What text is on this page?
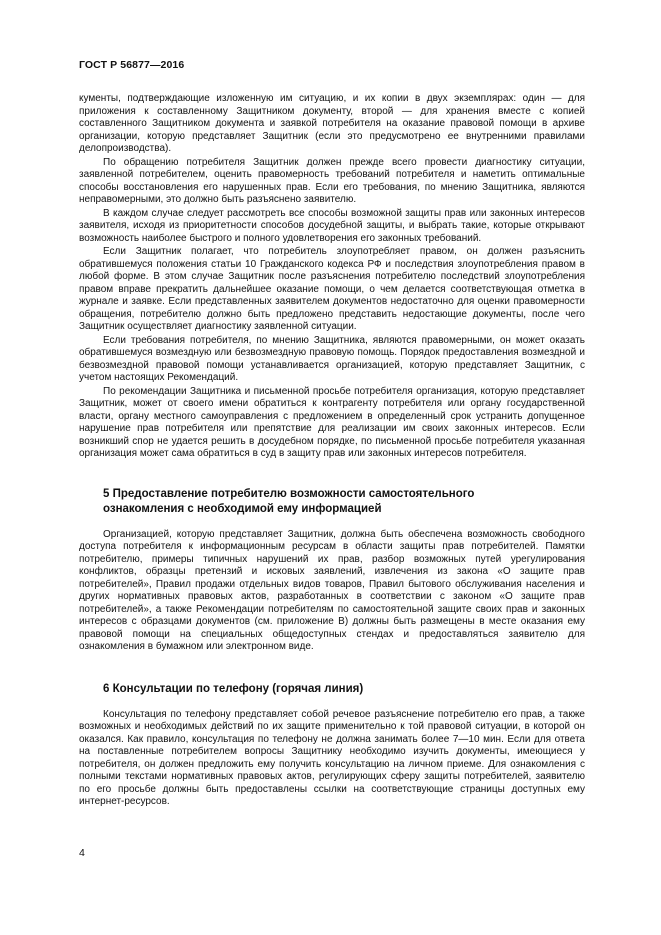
ГОСТ Р 56877—2016

кументы, подтверждающие изложенную им ситуацию, и их копии в двух экземплярах: один — для приложения к составленному Защитником документу, второй — для хранения вместе с копией составленного Защитником документа и заявкой потребителя на оказание правовой помощи в архиве организации, которую представляет Защитник (если это предусмотрено ее внутренними правилами делопроизводства).

По обращению потребителя Защитник должен прежде всего провести диагностику ситуации, заявленной потребителем, оценить правомерность требований потребителя и наметить оптимальные способы восстановления его нарушенных прав. Если его требования, по мнению Защитника, являются неправомерными, это должно быть разъяснено заявителю.

В каждом случае следует рассмотреть все способы возможной защиты прав или законных интересов заявителя, исходя из приоритетности способов досудебной защиты, и выбрать такие, которые открывают возможность наиболее быстрого и полного удовлетворения его законных требований.

Если Защитник полагает, что потребитель злоупотребляет правом, он должен разъяснить обратившемуся положения статьи 10 Гражданского кодекса РФ и последствия злоупотребления правом в любой форме. В этом случае Защитник после разъяснения потребителю последствий злоупотребления правом вправе прекратить дальнейшее оказание помощи, о чем делается соответствующая отметка в журнале и заявке. Если представленных заявителем документов недостаточно для оценки правомерности обращения, потребителю должно быть предложено представить недостающие документы, после чего Защитник осуществляет диагностику заявленной ситуации.

Если требования потребителя, по мнению Защитника, являются правомерными, он может оказать обратившемуся возмездную или безвозмездную правовую помощь. Порядок предоставления возмездной и безвозмездной правовой помощи устанавливается организацией, которую представляет Защитник, с учетом настоящих Рекомендаций.

По рекомендации Защитника и письменной просьбе потребителя организация, которую представляет Защитник, может от своего имени обратиться к контрагенту потребителя или органу государственной власти, органу местного самоуправления с предложением в определенный срок устранить допущенное нарушение прав потребителя или препятствие для реализации им своих законных интересов. Если возникший спор не удается решить в досудебном порядке, по письменной просьбе потребителя указанная организация может сама обратиться в суд в защиту прав или законных интересов потребителя.

5 Предоставление потребителю возможности самостоятельного
ознакомления с необходимой ему информацией

Организацией, которую представляет Защитник, должна быть обеспечена возможность свободного доступа потребителя к информационным ресурсам в области защиты прав потребителей. Памятки потребителю, примеры типичных нарушений их прав, разбор возможных путей урегулирования конфликтов, образцы претензий и исковых заявлений, извлечения из закона «О защите прав потребителей», Правил продажи отдельных видов товаров, Правил бытового обслуживания населения и других нормативных правовых актов, разработанных в соответствии с законом «О защите прав потребителей», а также Рекомендации потребителям по самостоятельной защите своих прав и законных интересов с образцами документов (см. приложение В) должны быть размещены в месте оказания ему правовой помощи на специальных общедоступных стендах и предоставляться заявителю для ознакомления в бумажном или электронном виде.

6 Консультации по телефону (горячая линия)

Консультация по телефону представляет собой речевое разъяснение потребителю его прав, а также возможных и необходимых действий по их защите применительно к той правовой ситуации, в которой он оказался. Как правило, консультация по телефону не должна занимать более 7—10 мин. Если для ответа на поставленные потребителем вопросы Защитнику необходимо изучить документы, имеющиеся у потребителя, он должен предложить ему получить консультацию на личном приеме. Для ознакомления с полными текстами нормативных правовых актов, регулирующих сферу защиты потребителей, заявителю по его просьбе должны быть предоставлены ссылки на соответствующие страницы доступных ему интернет-ресурсов.

4
